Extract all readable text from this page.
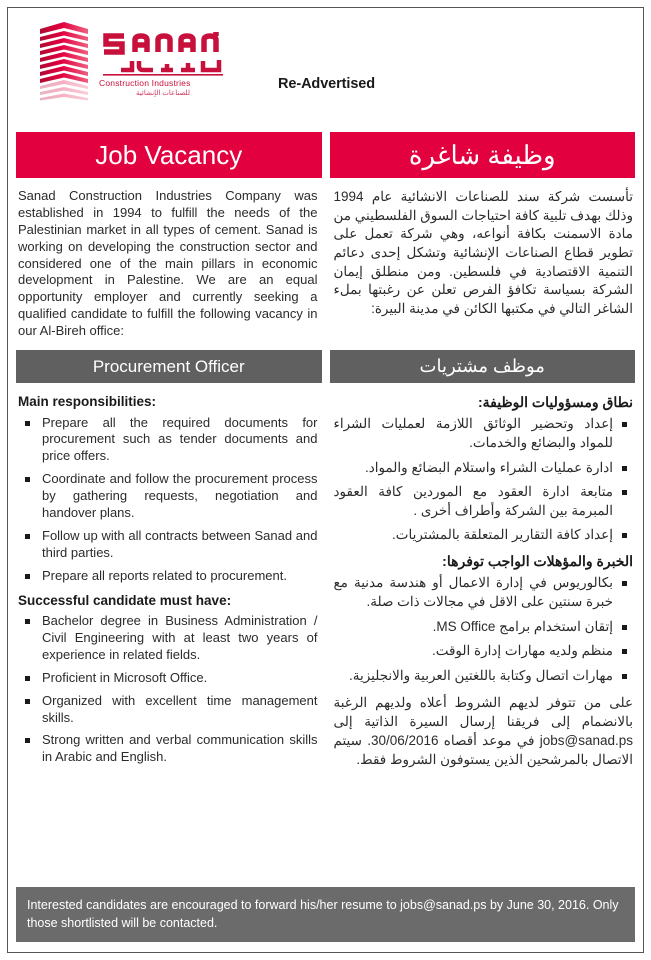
Construction Industries
للصناعات الإنشائية
Re-Advertised
Job Vacancy	وظيفة شاغرة

Sanad Construction Industries Company was established in 1994 to fulfill the needs of the Palestinian market in all types of cement. Sanad is working on developing the construction sector and considered one of the main pillars in economic development in Palestine. We are an equal opportunity employer and currently seeking a qualified candidate to fulfill the following vacancy in our Al-Bireh office:

تأسست شركة سند للصناعات الانشائية عام 1994 وذلك بهدف تلبية كافة احتياجات السوق الفلسطيني من مادة الاسمنت بكافة أنواعه، وهي شركة تعمل على تطوير قطاع الصناعات الإنشائية وتشكل إحدى دعائم التنمية الاقتصادية في فلسطين. ومن منطلق إيمان الشركة بسياسة تكافؤ الفرص تعلن عن رغبتها بملء الشاغر التالي في مكتبها الكائن في مدينة البيرة:

Procurement Officer	موظف مشتريات

Main responsibilities:

Prepare all the required documents for procurement such as tender documents and price offers.
Coordinate and follow the procurement process by gathering requests, negotiation and handover plans.
Follow up with all contracts between Sanad and third parties.
Prepare all reports related to procurement.

Successful candidate must have:

Bachelor degree in Business Administration / Civil Engineering with at least two years of experience in related fields.
Proficient in Microsoft Office.
Organized with excellent time management skills.
Strong written and verbal communication skills in Arabic and English.

نطاق ومسؤوليات الوظيفة:

إعداد وتحضير الوثائق اللازمة لعمليات الشراء للمواد والبضائع والخدمات.
ادارة عمليات الشراء واستلام البضائع والمواد.
متابعة ادارة العقود مع الموردين كافة العقود المبرمة بين الشركة وأطراف أخرى .
إعداد كافة التقارير المتعلقة بالمشتريات.

الخبرة والمؤهلات الواجب توفرها:

بكالوريوس في إدارة الاعمال أو هندسة مدنية مع خبرة سنتين على الاقل في مجالات ذات صلة.
إتقان استخدام برامج MS Office.
منظم ولديه مهارات إدارة الوقت.
مهارات اتصال وكتابة باللغتين العربية والانجليزية.

على من تتوفر لديهم الشروط أعلاه ولديهم الرغبة بالانضمام إلى فريقنا إرسال السيرة الذاتية إلى jobs@sanad.ps في موعد أقصاه 30/06/2016. سيتم الاتصال بالمرشحين الذين يستوفون الشروط فقط.

Interested candidates are encouraged to forward his/her resume to jobs@sanad.ps by June 30, 2016. Only those shortlisted will be contacted.
